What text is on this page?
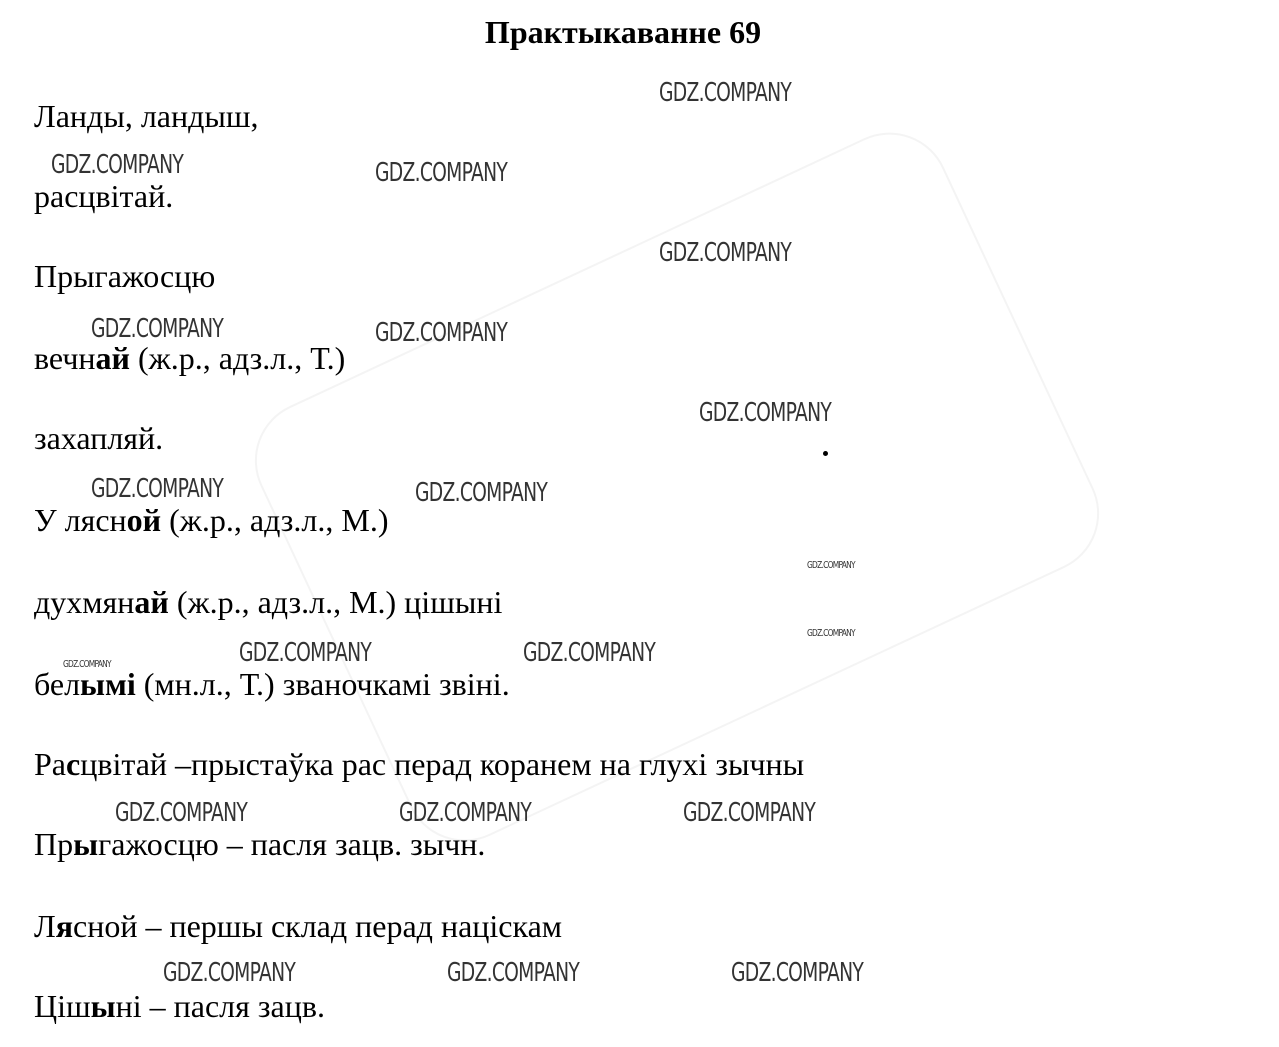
Практыкаванне 69
Ланды, ландыш,
расцвітай.
Прыгажосцю
вечнай (ж.р., адз.л., Т.)
захапляй.
У лясной (ж.р., адз.л., М.)
духмянай (ж.р., адз.л., М.) цішыні
белымі (мн.л., Т.) званочкамі звіні.
Расцвітай –прыстаўка рас перад коранем на глухі зычны
Прыгажосцю – пасля зацв. зычн.
Лясной – першы склад перад націскам
Цішыні – пасля зацв.
GDZ.COMPANY
GDZ.COMPANY	GDZ.COMPANY
GDZ.COMPANY
GDZ.COMPANY	GDZ.COMPANY
GDZ.COMPANY
GDZ.COMPANY	GDZ.COMPANY
GDZ.COMPANY
GDZ.COMPANY
GDZ.COMPANY	GDZ.COMPANY	GDZ.COMPANY
GDZ.COMPANY	GDZ.COMPANY	GDZ.COMPANY
GDZ.COMPANY	GDZ.COMPANY	GDZ.COMPANY
